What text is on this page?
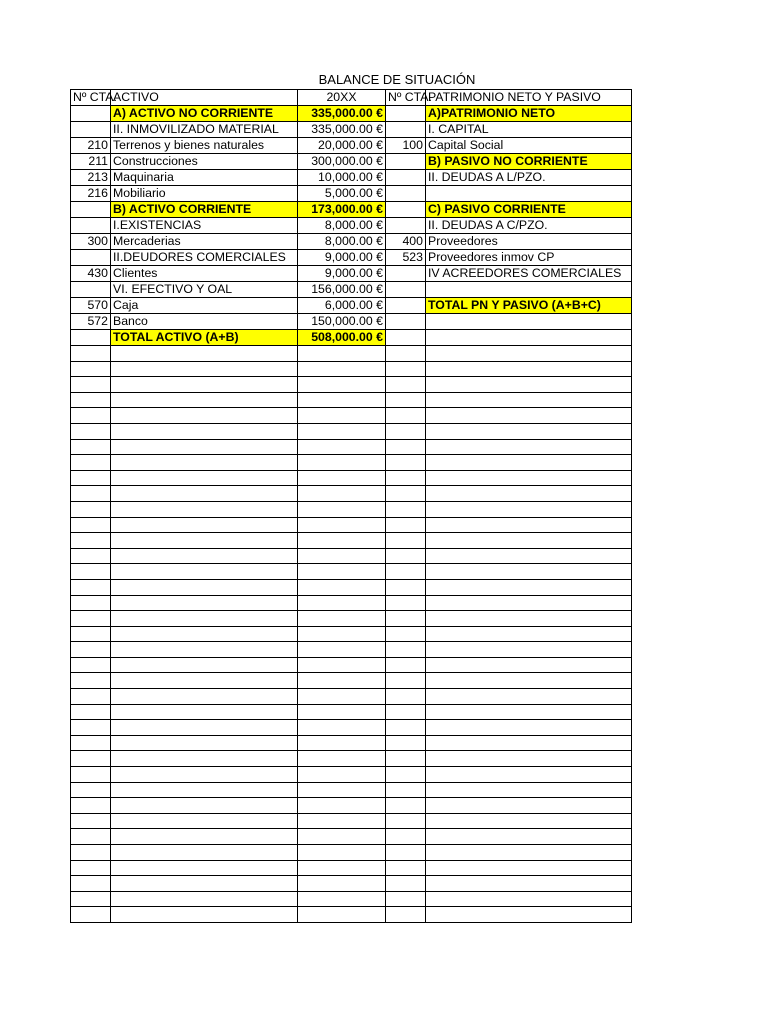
BALANCE DE SITUACIÓN
Nº CTA.	ACTIVO	20XX	Nº CTA.	PATRIMONIO NETO Y PASIVO
	A) ACTIVO NO CORRIENTE	335,000.00 €		A)PATRIMONIO NETO
	II. INMOVILIZADO MATERIAL	335,000.00 €		I. CAPITAL
210	Terrenos y bienes naturales	20,000.00 €	100	Capital Social
211	Construcciones	300,000.00 €		B) PASIVO NO CORRIENTE
213	Maquinaria	10,000.00 €		II. DEUDAS A L/PZO.
216	Mobiliario	5,000.00 €		
	B) ACTIVO CORRIENTE	173,000.00 €		C) PASIVO CORRIENTE
	I.EXISTENCIAS	8,000.00 €		II. DEUDAS A C/PZO.
300	Mercaderias	8,000.00 €	400	Proveedores
	II.DEUDORES COMERCIALES	9,000.00 €	523	Proveedores inmov CP
430	Clientes	9,000.00 €		IV ACREEDORES COMERCIALES
	VI. EFECTIVO Y OAL	156,000.00 €		
570	Caja	6,000.00 €		TOTAL PN Y PASIVO (A+B+C)
572	Banco	150,000.00 €		
	TOTAL ACTIVO (A+B)	508,000.00 €		
